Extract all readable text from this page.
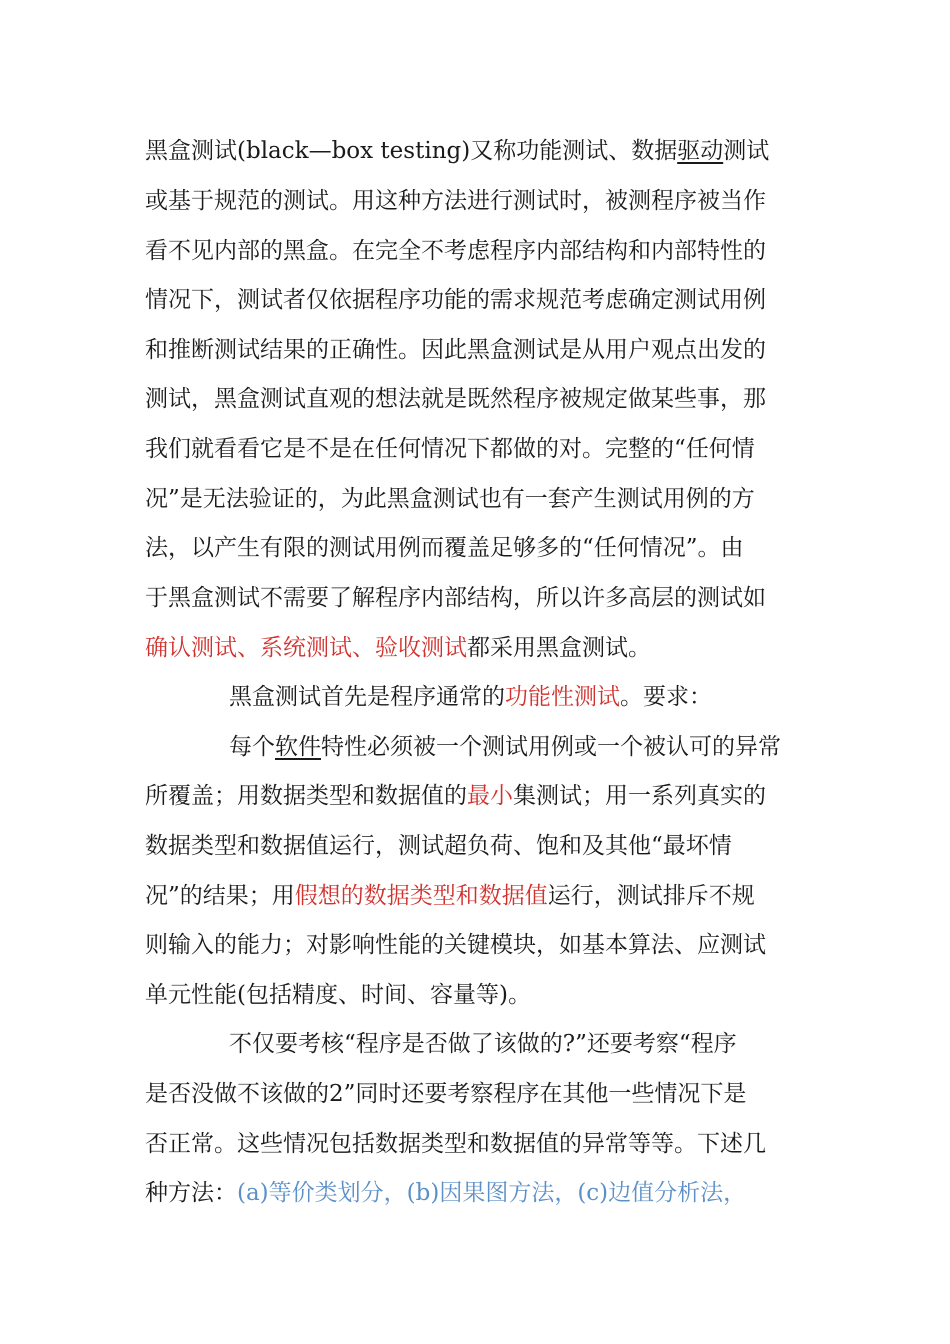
黑盒测试(black—box testing)又称功能测试、数据驱动测试
或基于规范的测试。用这种方法进行测试时，被测程序被当作
看不见内部的黑盒。在完全不考虑程序内部结构和内部特性的
情况下，测试者仅依据程序功能的需求规范考虑确定测试用例
和推断测试结果的正确性。因此黑盒测试是从用户观点出发的
测试，黑盒测试直观的想法就是既然程序被规定做某些事，那
我们就看看它是不是在任何情况下都做的对。完整的“任何情
况”是无法验证的，为此黑盒测试也有一套产生测试用例的方
法，以产生有限的测试用例而覆盖足够多的“任何情况”。由
于黑盒测试不需要了解程序内部结构，所以许多高层的测试如
确认测试、系统测试、验收测试都采用黑盒测试。
黑盒测试首先是程序通常的功能性测试。要求：
每个软件特性必须被一个测试用例或一个被认可的异常
所覆盖；用数据类型和数据值的最小集测试；用一系列真实的
数据类型和数据值运行，测试超负荷、饱和及其他“最坏情
况”的结果；用假想的数据类型和数据值运行，测试排斥不规
则输入的能力；对影响性能的关键模块，如基本算法、应测试
单元性能(包括精度、时间、容量等)。
不仅要考核“程序是否做了该做的?”还要考察“程序
是否没做不该做的2”同时还要考察程序在其他一些情况下是
否正常。这些情况包括数据类型和数据值的异常等等。下述几
种方法：(a)等价类划分，(b)因果图方法，(c)边值分析法，
